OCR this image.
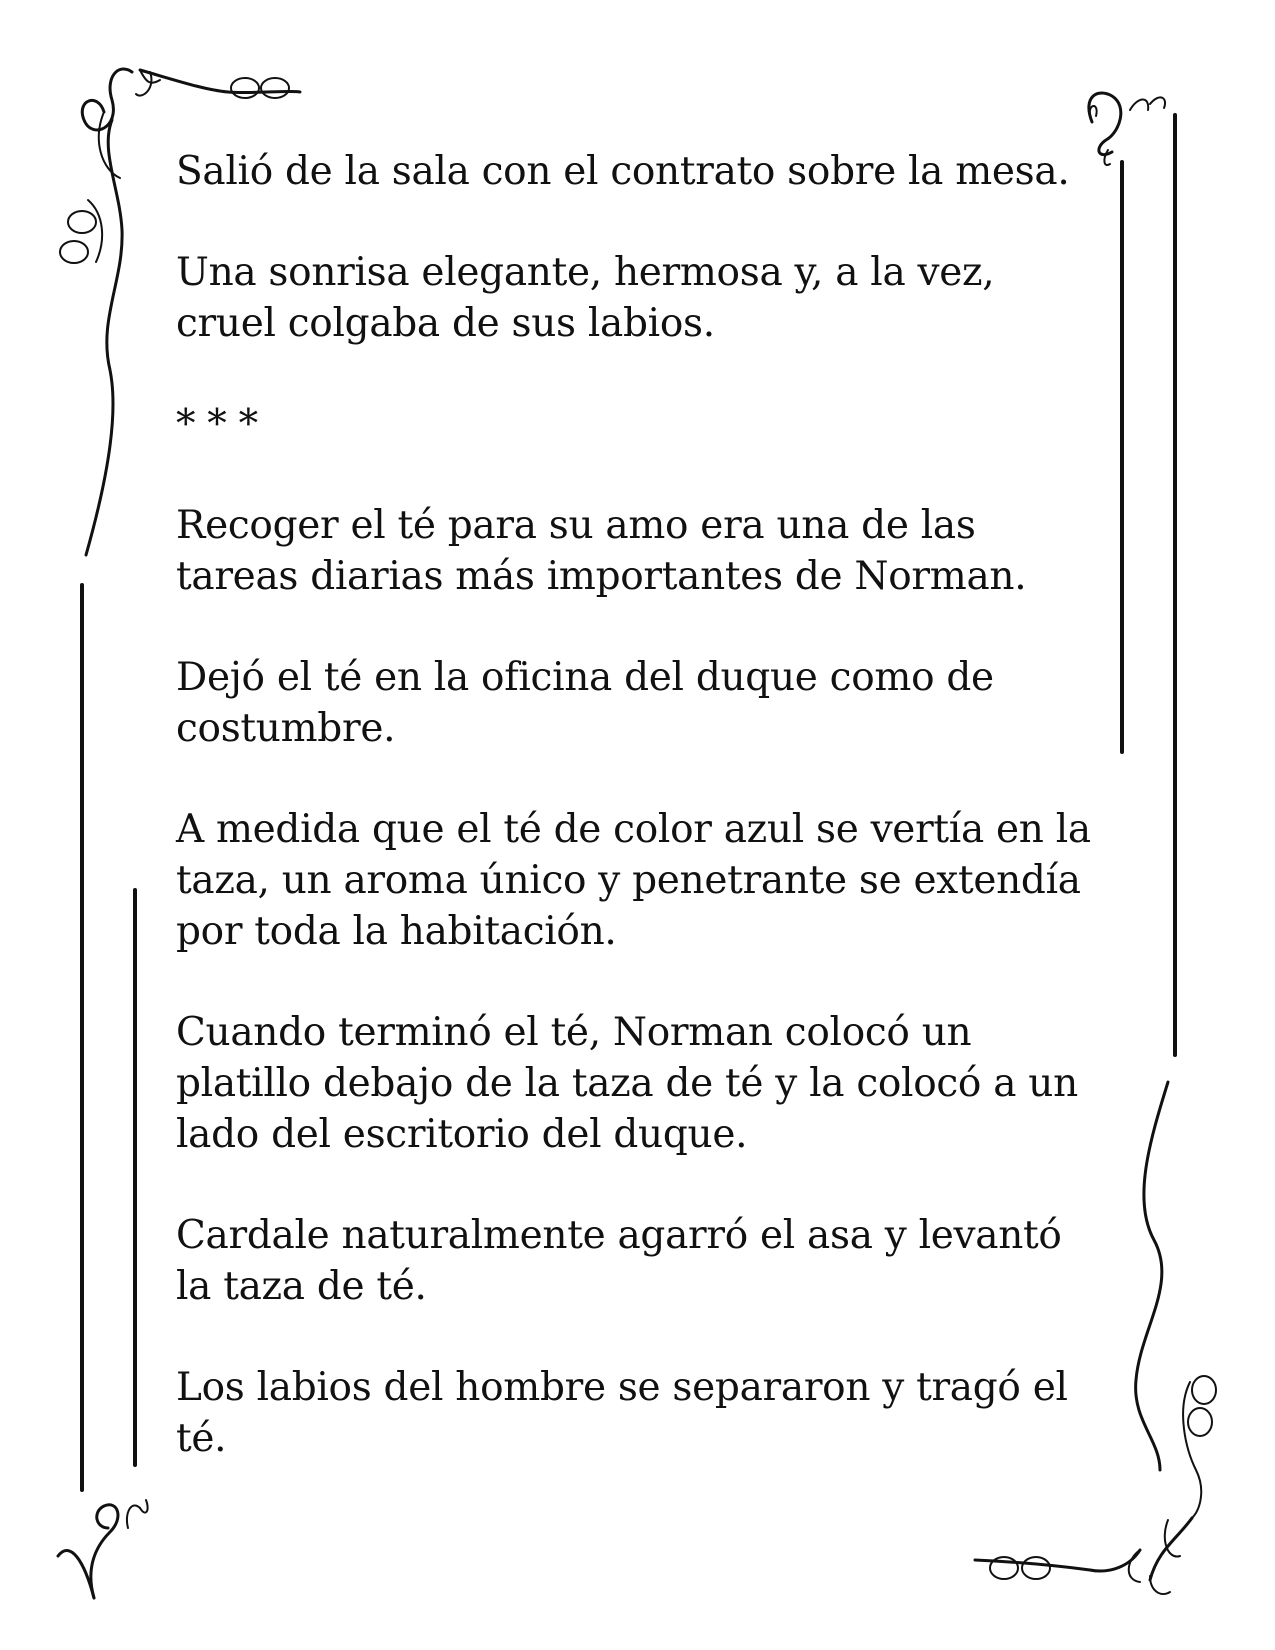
Salió de la sala con el contrato sobre la mesa.

Una sonrisa elegante, hermosa y, a la vez, cruel colgaba de sus labios.

* * *

Recoger el té para su amo era una de las tareas diarias más importantes de Norman.

Dejó el té en la oficina del duque como de costumbre.

A medida que el té de color azul se vertía en la taza, un aroma único y penetrante se extendía por toda la habitación.

Cuando terminó el té, Norman colocó un platillo debajo de la taza de té y la colocó a un lado del escritorio del duque.

Cardale naturalmente agarró el asa y levantó la taza de té.

Los labios del hombre se separaron y tragó el té.
